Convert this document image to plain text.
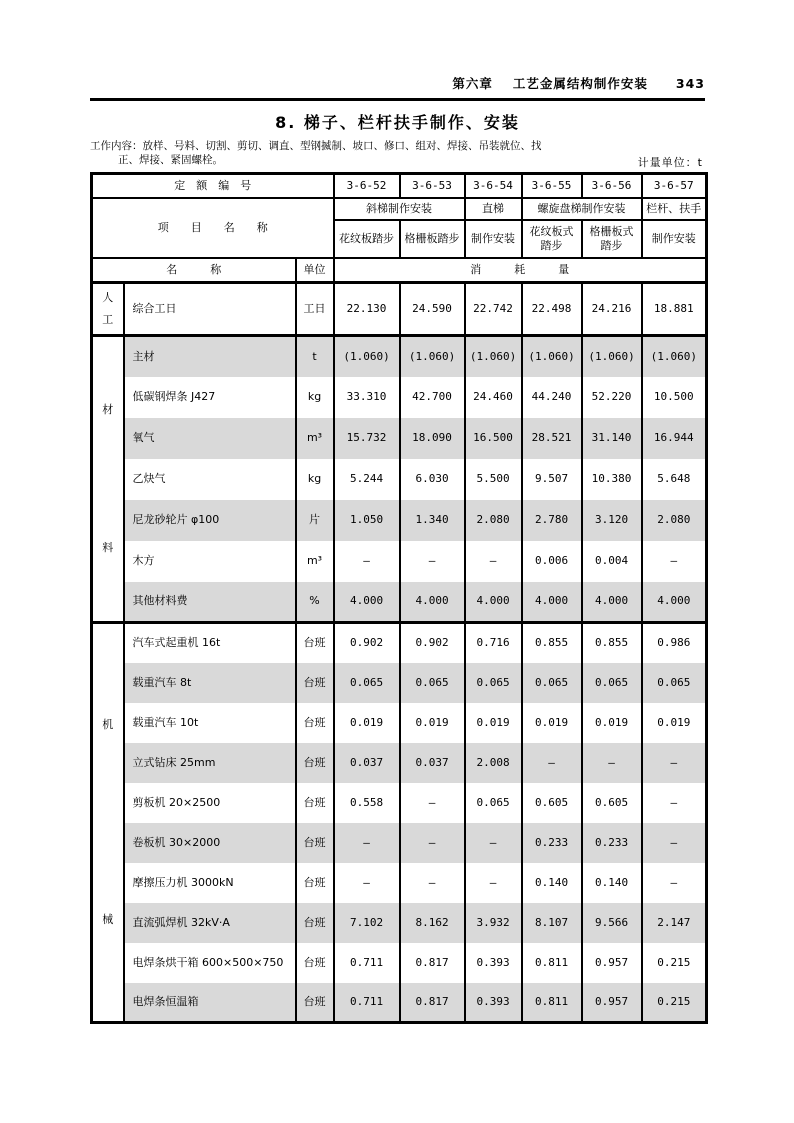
第六章 工艺金属结构制作安装 343
8. 梯子、栏杆扶手制作、安装
工作内容： 放样、号料、切割、剪切、调直、型钢揻制、坡口、修口、组对、焊接、吊装就位、找
正、焊接、紧固螺栓。	计量单位：t
定　额　编　号			3-6-52	3-6-53	3-6-54	3-6-55	3-6-56	3-6-57
项　　目　　名　　称			斜梯制作安装		直梯	螺旋盘梯制作安装		栏杆、扶手
			花纹板踏步	格栅板踏步	制作安装	花纹板式踏步	格栅板式踏步	制作安装
名　　　称		单位	消　　　耗　　　量					

人
工	综合工日	工日	22.130	24.590	22.742	22.498	24.216	18.881

材
料	主材	t	(1.060)	(1.060)	(1.060)	(1.060)	(1.060)	(1.060)
	低碳钢焊条 J427	kg	33.310	42.700	24.460	44.240	52.220	10.500
	氧气	m³	15.732	18.090	16.500	28.521	31.140	16.944
	乙炔气	kg	5.244	6.030	5.500	9.507	10.380	5.648
	尼龙砂轮片 φ100	片	1.050	1.340	2.080	2.780	3.120	2.080
	木方	m³	—	—	—	0.006	0.004	—
	其他材料费	%	4.000	4.000	4.000	4.000	4.000	4.000

机
械	汽车式起重机 16t	台班	0.902	0.902	0.716	0.855	0.855	0.986
	载重汽车 8t	台班	0.065	0.065	0.065	0.065	0.065	0.065
	载重汽车 10t	台班	0.019	0.019	0.019	0.019	0.019	0.019
	立式钻床 25mm	台班	0.037	0.037	2.008	—	—	—
	剪板机 20×2500	台班	0.558	—	0.065	0.605	0.605	—
	卷板机 30×2000	台班	—	—	—	0.233	0.233	—
	摩擦压力机 3000kN	台班	—	—	—	0.140	0.140	—
	直流弧焊机 32kV·A	台班	7.102	8.162	3.932	8.107	9.566	2.147
	电焊条烘干箱 600×500×750	台班	0.711	0.817	0.393	0.811	0.957	0.215
	电焊条恒温箱	台班	0.711	0.817	0.393	0.811	0.957	0.215
